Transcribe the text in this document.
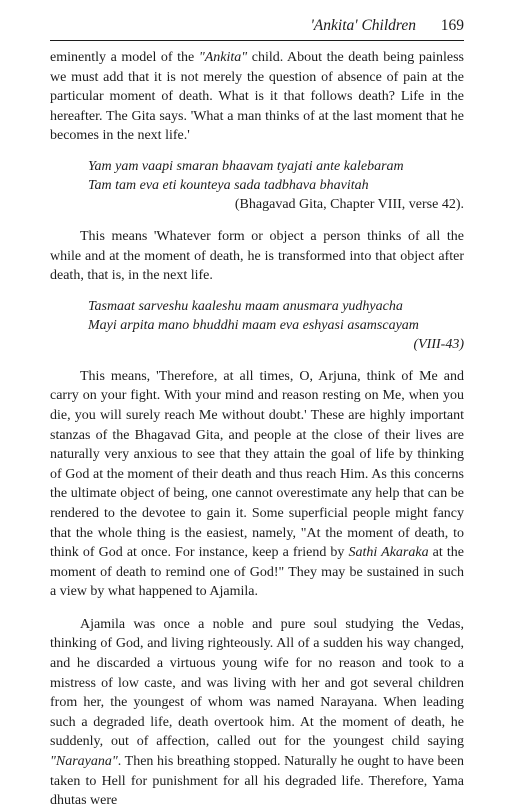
'Ankita' Children 169

eminently a model of the "Ankita" child. About the death being painless we must add that it is not merely the question of absence of pain at the particular moment of death. What is it that follows death? Life in the hereafter. The Gita says. 'What a man thinks of at the last moment that he becomes in the next life.'

Yam yam vaapi smaran bhaavam tyajati ante kalebaram
Tam tam eva eti kounteya sada tadbhava bhavitah
(Bhagavad Gita, Chapter VIII, verse 42).

This means 'Whatever form or object a person thinks of all the while and at the moment of death, he is transformed into that object after death, that is, in the next life.

Tasmaat sarveshu kaaleshu maam anusmara yudhyacha
Mayi arpita mano bhuddhi maam eva eshyasi asamscayam
(VIII-43)

This means, 'Therefore, at all times, O, Arjuna, think of Me and carry on your fight. With your mind and reason resting on Me, when you die, you will surely reach Me without doubt.' These are highly important stanzas of the Bhagavad Gita, and people at the close of their lives are naturally very anxious to see that they attain the goal of life by thinking of God at the moment of their death and thus reach Him. As this concerns the ultimate object of being, one cannot overestimate any help that can be rendered to the devotee to gain it. Some superficial people might fancy that the whole thing is the easiest, namely, "At the moment of death, to think of God at once. For instance, keep a friend by Sathi Akaraka at the moment of death to remind one of God!" They may be sustained in such a view by what happened to Ajamila.

Ajamila was once a noble and pure soul studying the Vedas, thinking of God, and living righteously. All of a sudden his way changed, and he discarded a virtuous young wife for no reason and took to a mistress of low caste, and was living with her and got several children from her, the youngest of whom was named Narayana. When leading such a degraded life, death overtook him. At the moment of death, he suddenly, out of affection, called out for the youngest child saying "Narayana". Then his breathing stopped. Naturally he ought to have been taken to Hell for punishment for all his degraded life. Therefore, Yama dhutas were
